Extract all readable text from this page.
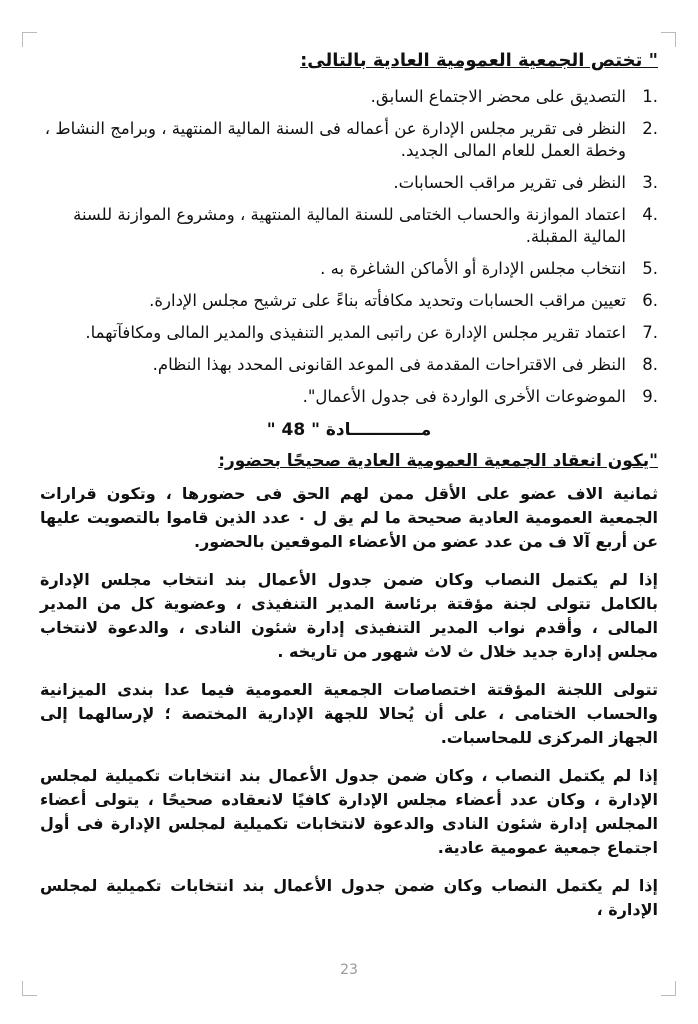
" تختص الجمعية العمومية العادية بالتالى:
.1
التصديق على محضر الاجتماع السابق.
.2
النظر فى تقرير مجلس الإدارة عن أعماله فى السنة المالية المنتهية ، وبرامج النشاط ، وخطة العمل للعام المالى الجديد.
.3
النظر فى تقرير مراقب الحسابات.
.4
اعتماد الموازنة والحساب الختامى للسنة المالية المنتهية ، ومشروع الموازنة للسنة المالية المقبلة.
.5
انتخاب مجلس الإدارة أو الأماكن الشاغرة به .
.6
تعيين مراقب الحسابات وتحديد مكافأته بناءً على ترشيح مجلس الإدارة.
.7
اعتماد تقرير مجلس الإدارة عن راتبى المدير التنفيذى والمدير المالى ومكافآتهما.
.8
النظر فى الاقتراحات المقدمة فى الموعد القانونى المحدد بهذا النظام.
.9
الموضوعات الأخرى الواردة فى جدول الأعمال".
مــــــــــــادة " 48 "
"يكون انعقاد الجمعية العمومية العادية صحيحًا بحضور:

ثمانية الاف عضو على الأقل ممن لهم الحق فى حضورها ، وتكون قرارات الجمعية العمومية العادية صحيحة ما لم يق ل ٠ عدد الذين قاموا بالتصويت عليها عن أربع آلا ف من عدد عضو من الأعضاء الموقعين بالحضور.

إذا لم يكتمل النصاب وكان ضمن جدول الأعمال بند انتخاب مجلس الإدارة بالكامل تتولى لجنة مؤقتة برئاسة المدير التنفيذى ، وعضوية كل من المدير المالى ، وأقدم نواب المدير التنفيذى إدارة شئون النادى ، والدعوة لانتخاب مجلس إدارة جديد خلال ث لاث شهور من تاريخه .

تتولى اللجنة المؤقتة اختصاصات الجمعية العمومية فيما عدا بندى الميزانية والحساب الختامى ، على أن يُحالا للجهة الإدارية المختصة ؛ لإرسالهما إلى الجهاز المركزى للمحاسبات.

إذا لم يكتمل النصاب ، وكان ضمن جدول الأعمال بند انتخابات تكميلية لمجلس الإدارة ، وكان عدد أعضاء مجلس الإدارة كافيًا لانعقاده صحيحًا ، يتولى أعضاء المجلس إدارة شئون النادى والدعوة لانتخابات تكميلية لمجلس الإدارة فى أول اجتماع جمعية عمومية عادية.

إذا لم يكتمل النصاب وكان ضمن جدول الأعمال بند انتخابات تكميلية لمجلس الإدارة ،

23
